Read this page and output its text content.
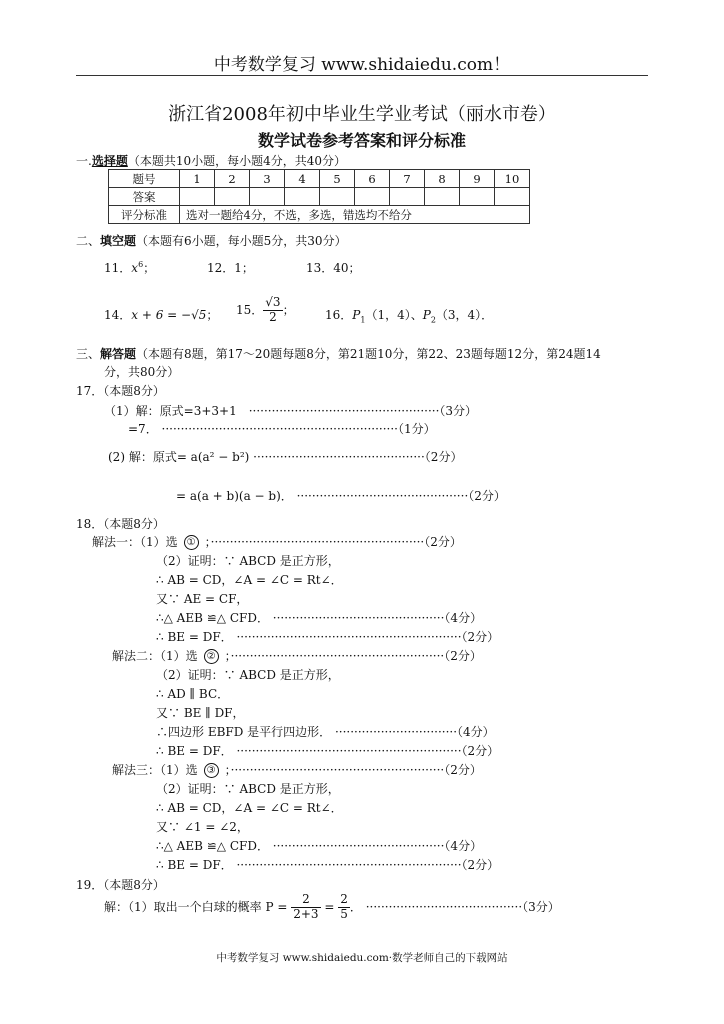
中考数学复习 www.shidaiedu.com！
浙江省2008年初中毕业生学业考试（丽水市卷）
数学试卷参考答案和评分标准
一.选择题（本题共10小题，每小题4分，共40分）
题号	1	2	3	4	5	6	7	8	9	10
答案										
评分标准	选对一题给4分，不选，多选，错选均不给分									
二、填空题（本题有6小题，每小题5分，共30分）
11．$x^6$；	12．1；	13．40；
14．x + 6 = −√5； 15． $\frac{√3}{2}$ ；	16．$P_1(1$，4）、$P_2(3$，4）．
三、解答题（本题有8题，第17～20题每题8分，第21题10分，第22、23题每题12分，第24题14
分，共80分）
17．（本题8分）
（1）解：原式=3+3+1　··················································（3分）
=7． ······························································（1分）
(2) 解：原式= a(a² − b²) ·············································（2分）
= a(a + b)(a − b)． ·············································（2分）
18．（本题8分）
解法一：（1）选 ① ；························································（2分）
（2）证明：∵ ABCD 是正方形，
∴ AB = CD，∠A = ∠C = Rt∠．
又∵ AE = CF，
∴△ AEB ≌△ CFD． ·············································（4分）
∴ BE = DF． ···························································（2分）
解法二：（1）选 ② ；························································（2分）
（2）证明：∵ ABCD 是正方形，
∴ AD ∥ BC．
又∵ BE ∥ DF，
∴四边形 EBFD 是平行四边形． ································（4分）
∴ BE = DF． ···························································（2分）
解法三：（1）选 ③ ；························································（2分）
（2）证明：∵ ABCD 是正方形，
∴ AB = CD，∠A = ∠C = Rt∠．
又∵ ∠1 = ∠2，
∴△ AEB ≌△ CFD． ·············································（4分）
∴ BE = DF． ···························································（2分）
19．（本题8分）
解：（1）取出一个白球的概率 $P = \frac{2}{2+3} = \frac{2}{5}$ ． ·········································（3分）
中考数学复习 www.shidaiedu.com·数学老师自己的下载网站
